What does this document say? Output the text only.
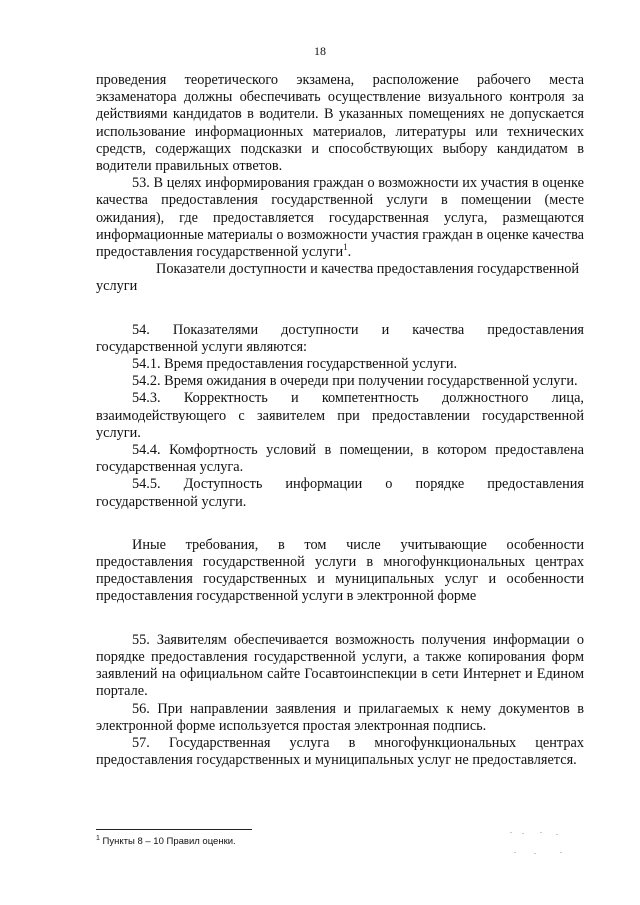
18

проведения теоретического экзамена, расположение рабочего места экзаменатора должны обеспечивать осуществление визуального контроля за действиями кандидатов в водители. В указанных помещениях не допускается использование информационных материалов, литературы или технических средств, содержащих подсказки и способствующих выбору кандидатом в водители правильных ответов.

53. В целях информирования граждан о возможности их участия в оценке качества предоставления государственной услуги в помещении (месте ожидания), где предоставляется государственная услуга, размещаются информационные материалы о возможности участия граждан в оценке качества предоставления государственной услуги$^1$.

Показатели доступности и качества предоставления государственной услуги

54. Показателями доступности и качества предоставления государственной услуги являются:

54.1. Время предоставления государственной услуги.

54.2. Время ожидания в очереди при получении государственной услуги.

54.3. Корректность и компетентность должностного лица, взаимодействующего с заявителем при предоставлении государственной услуги.

54.4. Комфортность условий в помещении, в котором предоставлена государственная услуга.

54.5. Доступность информации о порядке предоставления государственной услуги.

Иные требования, в том числе учитывающие особенности предоставления государственной услуги в многофункциональных центрах предоставления государственных и муниципальных услуг и особенности предоставления государственной услуги в электронной форме

55. Заявителям обеспечивается возможность получения информации о порядке предоставления государственной услуги, а также копирования форм заявлений на официальном сайте Госавтоинспекции в сети Интернет и Едином портале.

56. При направлении заявления и прилагаемых к нему документов в электронной форме используется простая электронная подпись.

57. Государственная услуга в многофункциональных центрах предоставления государственных и муниципальных услуг не предоставляется.

$^1$ Пункты 8 – 10 Правил оценки.
